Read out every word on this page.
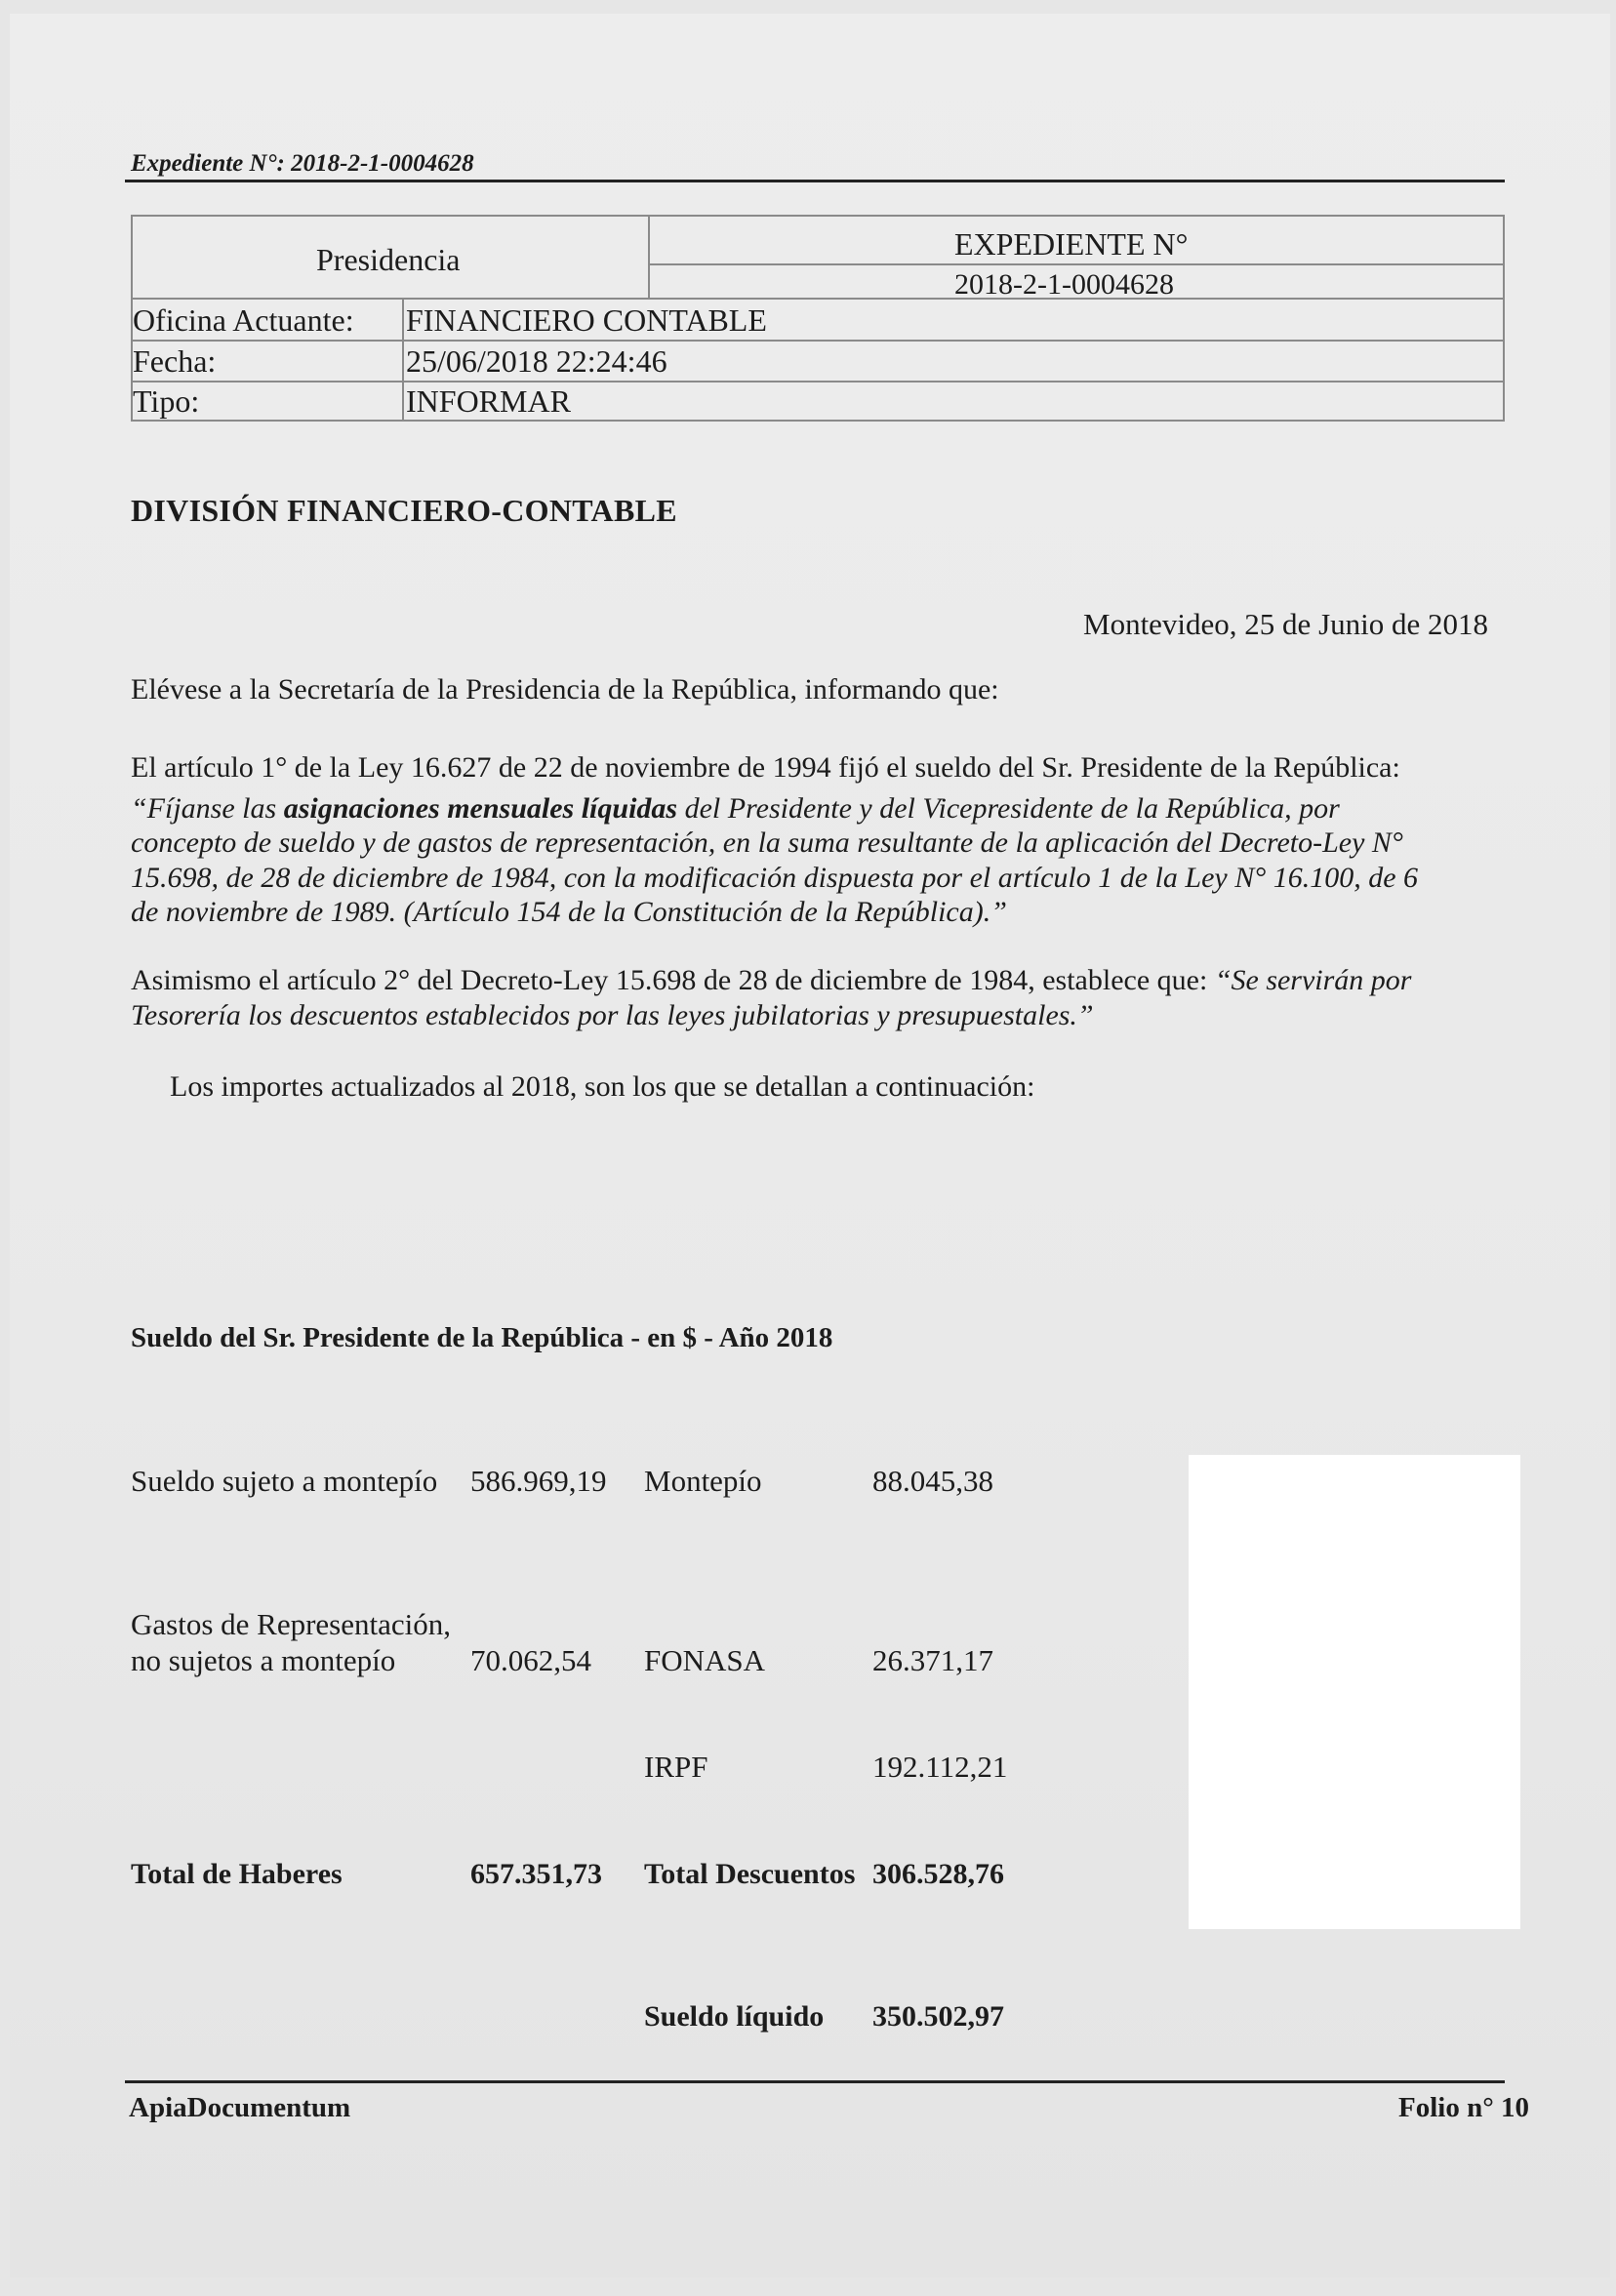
Expediente N°: 2018-2-1-0004628
Presidencia	EXPEDIENTE N°
2018-2-1-0004628
Oficina Actuante: FINANCIERO CONTABLE
Fecha:	25/06/2018 22:24:46
Tipo:	INFORMAR
DIVISIÓN FINANCIERO-CONTABLE
Montevideo, 25 de Junio de 2018
Elévese a la Secretaría de la Presidencia de la República, informando que:
El artículo 1° de la Ley 16.627 de 22 de noviembre de 1994 fijó el sueldo del Sr. Presidente de la República:
“Fíjanse las asignaciones mensuales líquidas del Presidente y del Vicepresidente de la República, por
concepto de sueldo y de gastos de representación, en la suma resultante de la aplicación del Decreto-Ley N°
15.698, de 28 de diciembre de 1984, con la modificación dispuesta por el artículo 1 de la Ley N° 16.100, de 6
de noviembre de 1989. (Artículo 154 de la Constitución de la República).”
Asimismo el artículo 2° del Decreto-Ley 15.698 de 28 de diciembre de 1984, establece que: “Se servirán por
Tesorería los descuentos establecidos por las leyes jubilatorias y presupuestales.”
Los importes actualizados al 2018, son los que se detallan a continuación:
Sueldo del Sr. Presidente de la República - en $ - Año 2018
Sueldo sujeto a montepío 586.969,19 Montepío	88.045,38
Gastos de Representación,
no sujetos a montepío 70.062,54 FONASA	26.371,17
IRPF	192.112,21
Total de Haberes	657.351,73 Total Descuentos 306.528,76
Sueldo líquido 350.502,97
ApiaDocumentum	Folio n° 10
